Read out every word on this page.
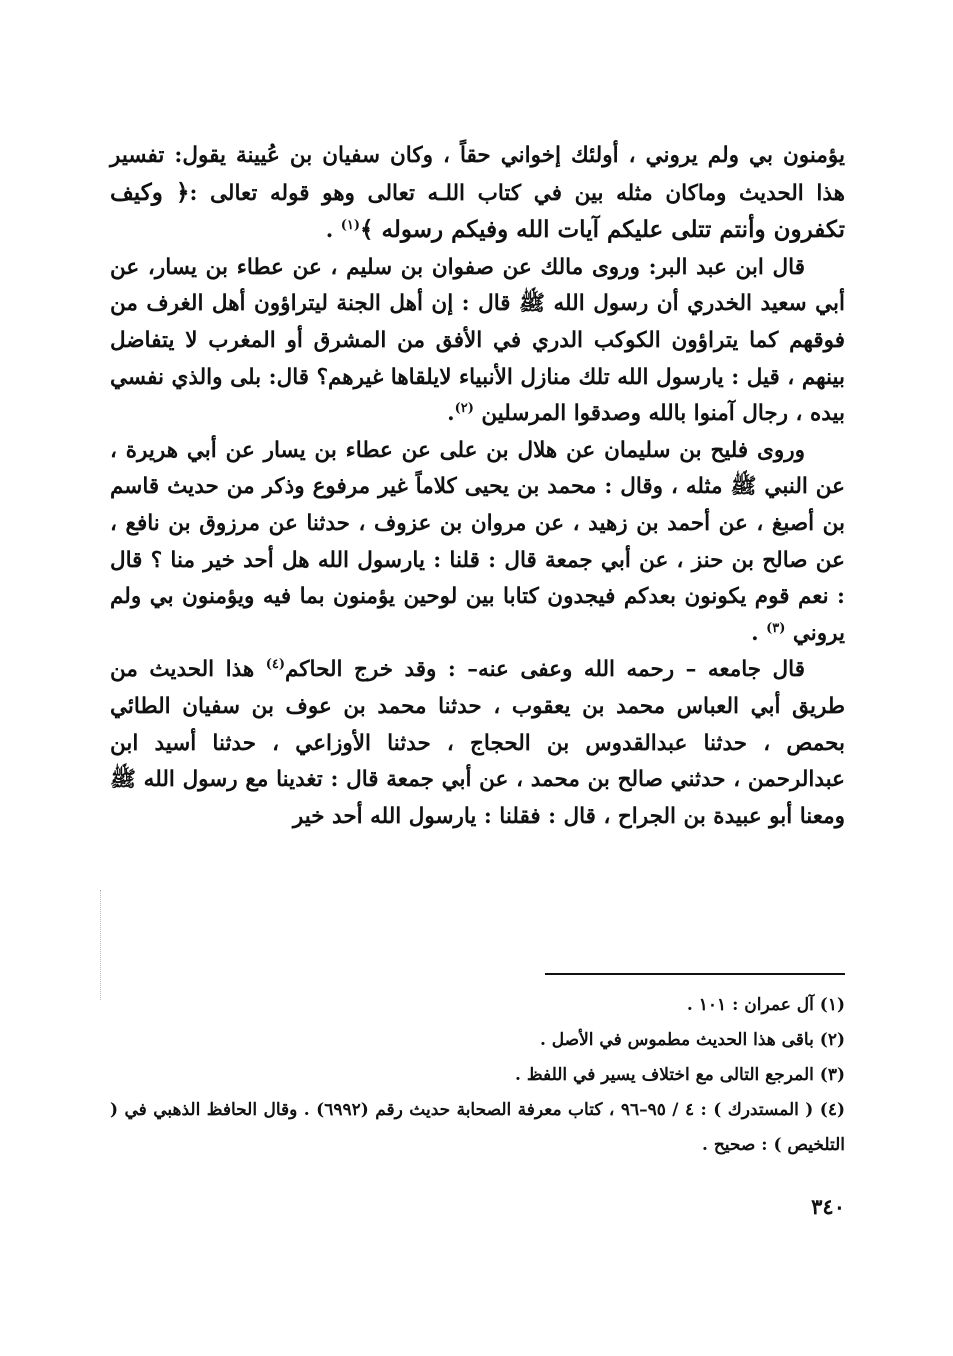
يؤمنون بي ولم يروني ، أولئك إخواني حقاً ، وكان سفيان بن عُيينة يقول: تفسير هذا الحديث وماكان مثله بين في كتاب اللـه تعالى وهو قوله تعالى :﴿ وكيف تكفرون وأنتم تتلى عليكم آيات الله وفيكم رسوله ﴾$^{(١)}$ .

قال ابن عبد البر: وروى مالك عن صفوان بن سليم ، عن عطاء بن يسار، عن أبي سعيد الخدري أن رسول الله ﷺ قال : إن أهل الجنة ليتراؤون أهل الغرف من فوقهم كما يتراؤون الكوكب الدري في الأفق من المشرق أو المغرب لا يتفاضل بينهم ، قيل : يارسول الله تلك منازل الأنبياء لايلقاها غيرهم؟ قال: بلى والذي نفسي بيده ، رجال آمنوا بالله وصدقوا المرسلين $^{(٢)}$.

وروى فليح بن سليمان عن هلال بن على عن عطاء بن يسار عن أبي هريرة ، عن النبي ﷺ مثله ، وقال : محمد بن يحيى كلاماً غير مرفوع وذكر من حديث قاسم بن أصبغ ، عن أحمد بن زهيد ، عن مروان بن عزوف ، حدثنا عن مرزوق بن نافع ، عن صالح بن حنز ، عن أبي جمعة قال : قلنا : يارسول الله هل أحد خير منا ؟ قال : نعم قوم يكونون بعدكم فيجدون كتابا بين لوحين يؤمنون بما فيه ويؤمنون بي ولم يروني $^{(٣)}$ .

قال جامعه – رحمه الله وعفى عنه– : وقد خرج الحاكم$^{(٤)}$ هذا الحديث من طريق أبي العباس محمد بن يعقوب ، حدثنا محمد بن عوف بن سفيان الطائي بحمص ، حدثنا عبدالقدوس بن الحجاج ، حدثنا الأوزاعي ، حدثنا أسيد ابن عبدالرحمن ، حدثني صالح بن محمد ، عن أبي جمعة قال : تغدينا مع رسول الله ﷺ ومعنا أبو عبيدة بن الجراح ، قال : فقلنا : يارسول الله أحد خير

(١) آل عمران : ١٠١ .

(٢) باقى هذا الحديث مطموس في الأصل .

(٣) المرجع التالى مع اختلاف يسير في اللفظ .

(٤) ( المستدرك ) : ٤ / ٩٥–٩٦ ، كتاب معرفة الصحابة حديث رقم (٦٩٩٢) . وقال الحافظ الذهبي في ( التلخيص ) : صحيح .

٣٤٠
